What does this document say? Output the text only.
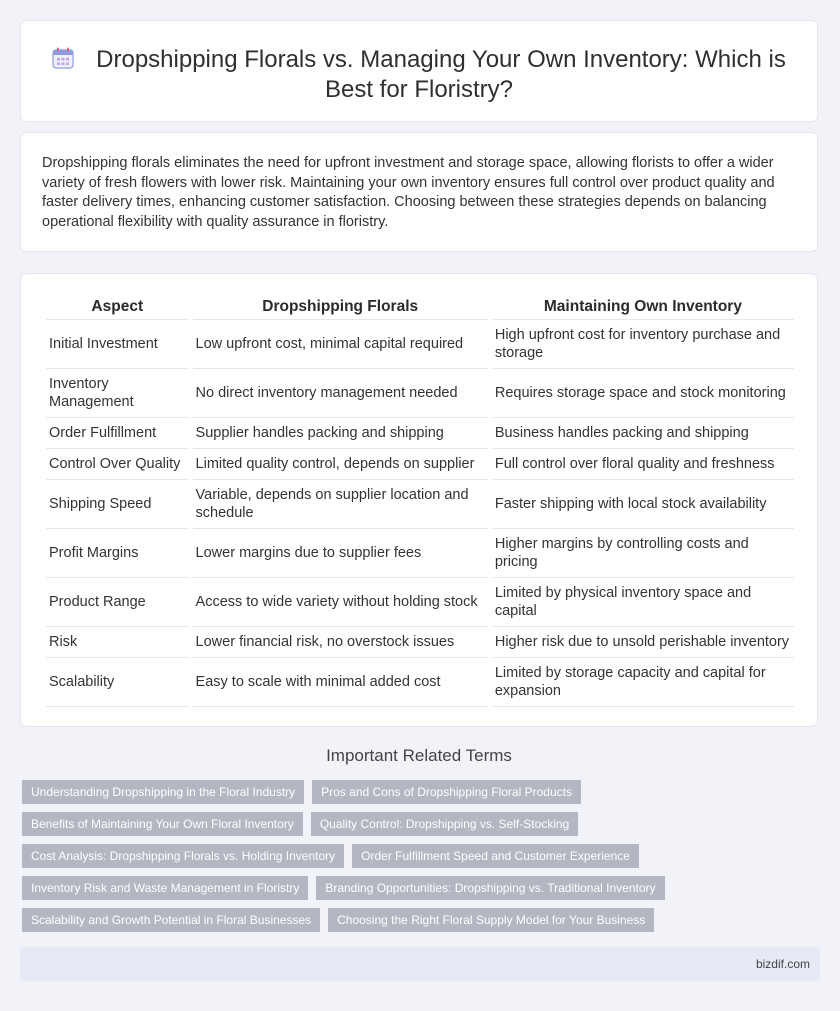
Dropshipping Florals vs. Managing Your Own Inventory: Which is Best for Floristry?
Dropshipping florals eliminates the need for upfront investment and storage space, allowing florists to offer a wider variety of fresh flowers with lower risk. Maintaining your own inventory ensures full control over product quality and faster delivery times, enhancing customer satisfaction. Choosing between these strategies depends on balancing operational flexibility with quality assurance in floristry.
Aspect	Dropshipping Florals	Maintaining Own Inventory
Initial Investment	Low upfront cost, minimal capital required	High upfront cost for inventory purchase and storage
Inventory Management	No direct inventory management needed	Requires storage space and stock monitoring
Order Fulfillment	Supplier handles packing and shipping	Business handles packing and shipping
Control Over Quality	Limited quality control, depends on supplier	Full control over floral quality and freshness
Shipping Speed	Variable, depends on supplier location and schedule	Faster shipping with local stock availability
Profit Margins	Lower margins due to supplier fees	Higher margins by controlling costs and pricing
Product Range	Access to wide variety without holding stock	Limited by physical inventory space and capital
Risk	Lower financial risk, no overstock issues	Higher risk due to unsold perishable inventory
Scalability	Easy to scale with minimal added cost	Limited by storage capacity and capital for expansion
Important Related Terms
Understanding Dropshipping in the Floral Industry	Pros and Cons of Dropshipping Floral Products
Benefits of Maintaining Your Own Floral Inventory	Quality Control: Dropshipping vs. Self-Stocking
Cost Analysis: Dropshipping Florals vs. Holding Inventory	Order Fulfillment Speed and Customer Experience
Inventory Risk and Waste Management in Floristry	Branding Opportunities: Dropshipping vs. Traditional Inventory
Scalability and Growth Potential in Floral Businesses	Choosing the Right Floral Supply Model for Your Business
bizdif.com
